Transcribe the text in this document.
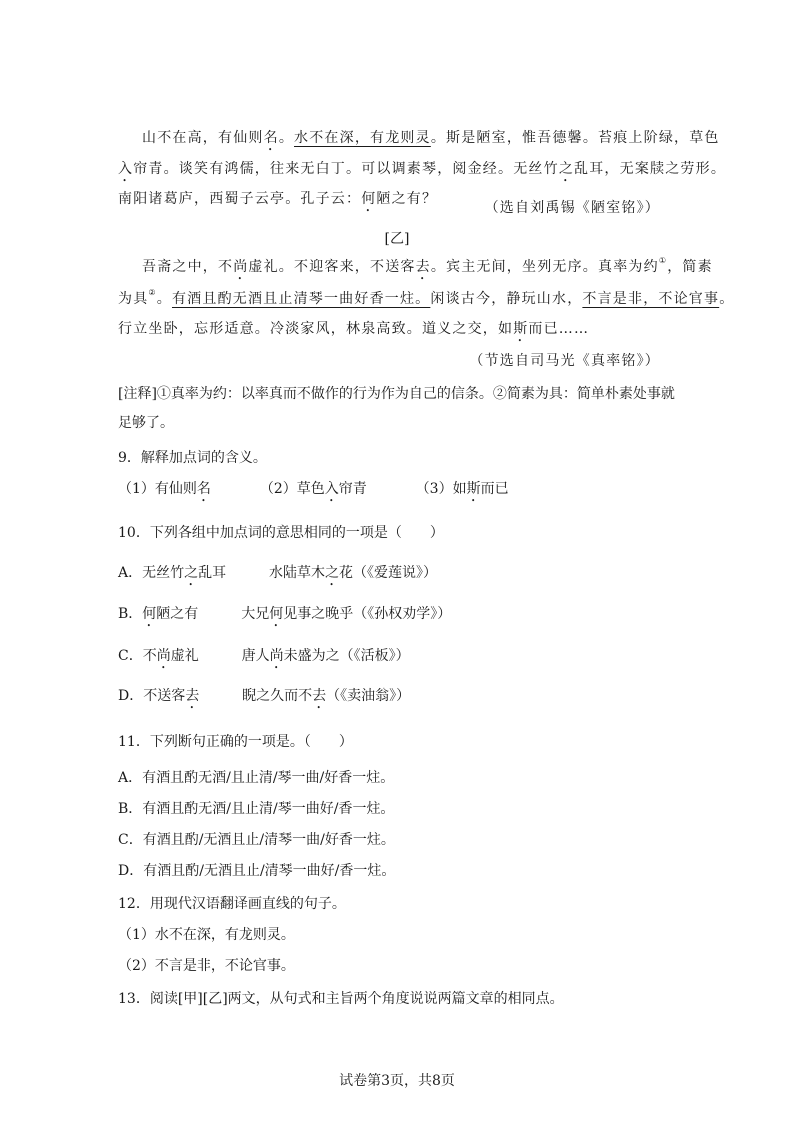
山不在高，有仙则名。水不在深，有龙则灵。斯是陋室，惟吾德馨。苔痕上阶绿，草色
入帘青。谈笑有鸿儒，往来无白丁。可以调素琴，阅金经。无丝竹之乱耳，无案牍之劳形。
南阳诸葛庐，西蜀子云亭。孔子云：何陋之有？
（选自刘禹锡《陋室铭》）
[乙]
吾斋之中，不尚虚礼。不迎客来，不送客去。宾主无间，坐列无序。真率为约①，简素
为具②。有酒且酌无酒且止清琴一曲好香一炷。闲谈古今，静玩山水，不言是非，不论官事。
行立坐卧，忘形适意。冷淡家风，林泉高致。道义之交，如斯而已……
（节选自司马光《真率铭》）
[注释]①真率为约：以率真而不做作的行为作为自己的信条。②简素为具：简单朴素处事就
足够了。
9．解释加点词的含义。
（1）有仙则名	（2）草色入帘青	（3）如斯而已
10．下列各组中加点词的意思相同的一项是（　　）
A．无丝竹之乱耳	水陆草木之花（《爱莲说》）
B．何陋之有	大兄何见事之晚乎（《孙权劝学》）
C．不尚虚礼	唐人尚未盛为之（《活板》）
D．不送客去	睨之久而不去（《卖油翁》）
11．下列断句正确的一项是。（　　）
A．有酒且酌无酒/且止清/琴一曲/好香一炷。
B．有酒且酌无酒/且止清/琴一曲好/香一炷。
C．有酒且酌/无酒且止/清琴一曲/好香一炷。
D．有酒且酌/无酒且止/清琴一曲好/香一炷。
12．用现代汉语翻译画直线的句子。
（1）水不在深，有龙则灵。
（2）不言是非，不论官事。
13．阅读[甲][乙]两文，从句式和主旨两个角度说说两篇文章的相同点。
试卷第3页，共8页
